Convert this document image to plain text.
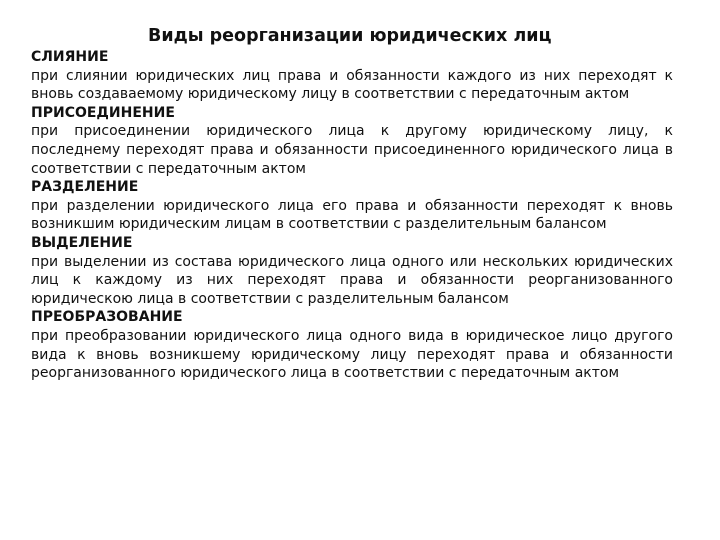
Виды реорганизации юридических лиц

СЛИЯНИЕ

при слиянии юридических лиц права и обязанности каждого из них переходят к вновь создаваемому юридическому лицу в соответствии с передаточным актом

ПРИСОЕДИНЕНИЕ

при присоединении юридического лица к другому юридическому лицу, к последнему переходят права и обязанности присоединенного юридического лица в соответствии с передаточным актом

РАЗДЕЛЕНИЕ

при разделении юридического лица его права и обязанности переходят к вновь возникшим юридическим лицам в соответствии с разделительным балансом

ВЫДЕЛЕНИЕ

при выделении из состава юридического лица одного или нескольких юридических лиц к каждому из них переходят права и обязанности реорганизованного юридическою лица в соответствии с разделительным балансом

ПРЕОБРАЗОВАНИЕ

при преобразовании юридического лица одного вида в юридическое лицо другого вида к вновь возникшему юридическому лицу переходят права и обязанности реорганизованного юридического лица в соответствии с передаточным актом
